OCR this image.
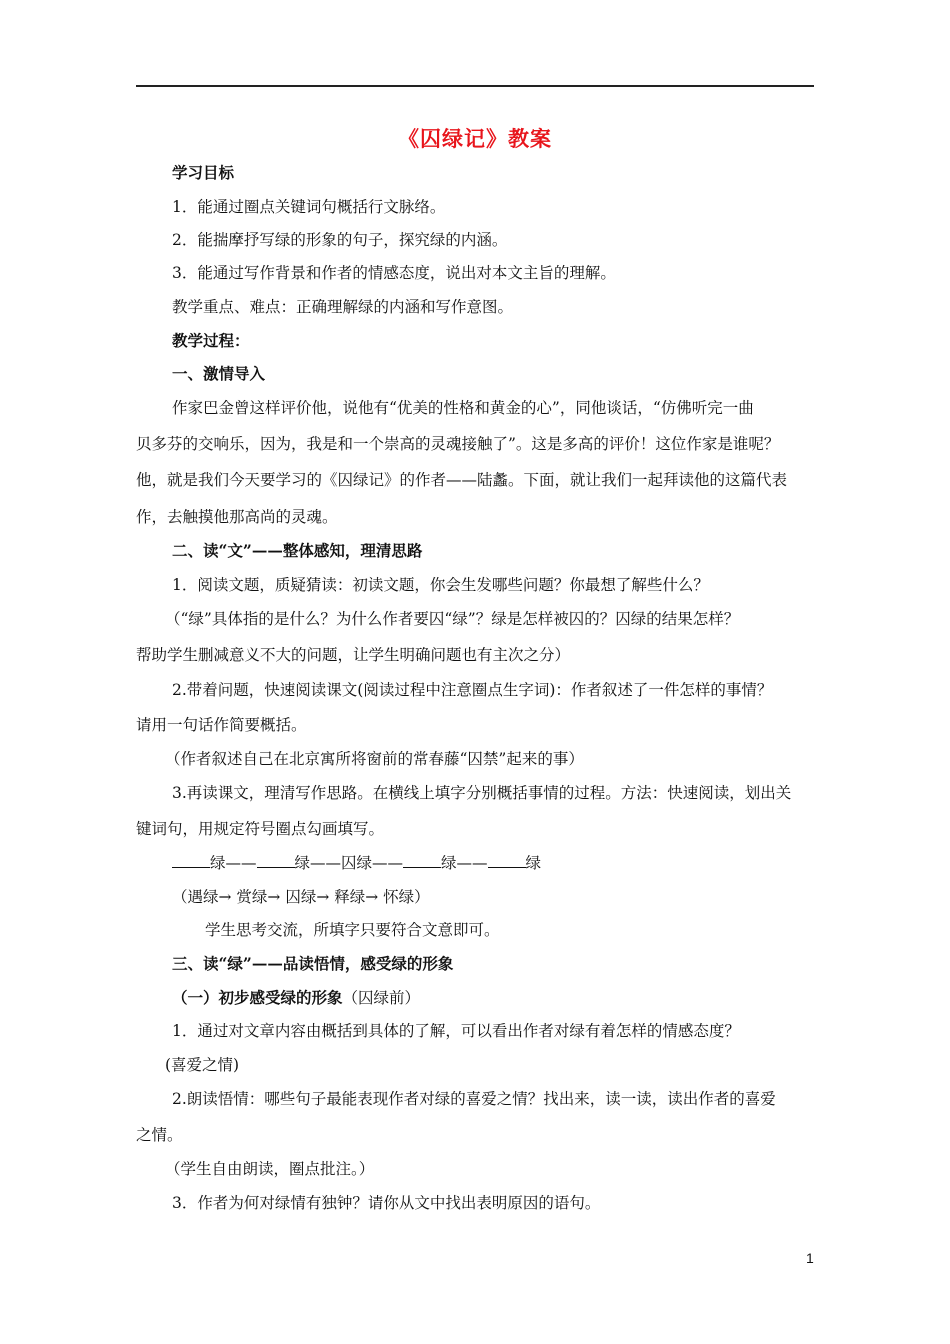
《囚绿记》教案
学习目标
1．能通过圈点关键词句概括行文脉络。
2．能揣摩抒写绿的形象的句子，探究绿的内涵。
3．能通过写作背景和作者的情感态度，说出对本文主旨的理解。
教学重点、难点：正确理解绿的内涵和写作意图。
教学过程：
一、激情导入
作家巴金曾这样评价他，说他有“优美的性格和黄金的心”，同他谈话，“仿佛听完一曲
贝多芬的交响乐，因为，我是和一个崇高的灵魂接触了”。这是多高的评价！这位作家是谁呢？
他，就是我们今天要学习的《囚绿记》的作者——陆蠡。下面，就让我们一起拜读他的这篇代表
作，去触摸他那高尚的灵魂。
二、读“文”——整体感知，理清思路
1．阅读文题，质疑猜读：初读文题，你会生发哪些问题？你最想了解些什么？
（“绿”具体指的是什么？为什么作者要囚“绿”？绿是怎样被囚的？囚绿的结果怎样？
帮助学生删减意义不大的问题，让学生明确问题也有主次之分）
2.带着问题，快速阅读课文(阅读过程中注意圈点生字词)：作者叙述了一件怎样的事情？
请用一句话作简要概括。
（作者叙述自己在北京寓所将窗前的常春藤“囚禁”起来的事）
3.再读课文，理清写作思路。在横线上填字分别概括事情的过程。方法：快速阅读，划出关
键词句，用规定符号圈点勾画填写。
绿—— 绿——囚绿—— 绿—— 绿
（遇绿→ 赏绿→ 囚绿→ 释绿→ 怀绿）
学生思考交流，所填字只要符合文意即可。
三、读“绿”——品读悟情，感受绿的形象
（一）初步感受绿的形象（囚绿前）
1．通过对文章内容由概括到具体的了解，可以看出作者对绿有着怎样的情感态度？
(喜爱之情)
2.朗读悟情：哪些句子最能表现作者对绿的喜爱之情？找出来，读一读，读出作者的喜爱
之情。
（学生自由朗读，圈点批注。）
3．作者为何对绿情有独钟？请你从文中找出表明原因的语句。
1
